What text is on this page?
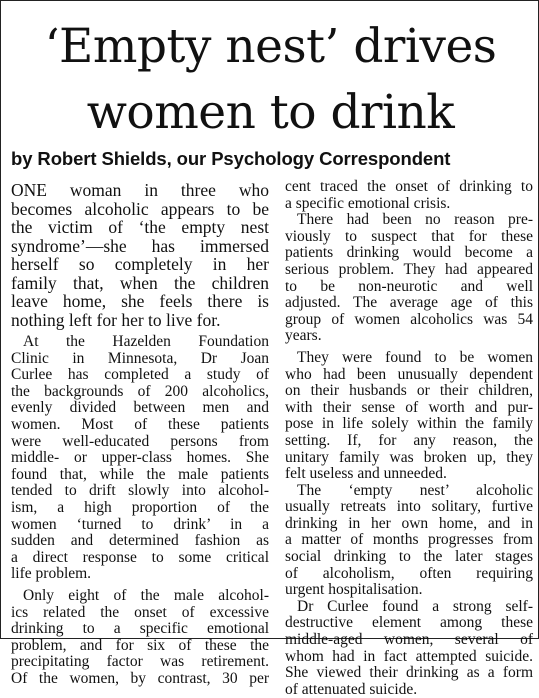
‘Empty nest’ drives
women to drink
by Robert Shields, our Psychology Correspondent

ONE woman in three who

becomes alcoholic appears to be

the victim of ‘the empty nest

syndrome’—she has immersed

herself so completely in her

family that, when the children

leave home, she feels there is

nothing left for her to live for.

At the Hazelden Foundation

Clinic in Minnesota, Dr Joan

Curlee has completed a study of

the backgrounds of 200 alcoholics,

evenly divided between men and

women. Most of these patients

were well-educated persons from

middle- or upper-class homes. She

found that, while the male patients

tended to drift slowly into alcohol-

ism, a high proportion of the

women ‘turned to drink’ in a

sudden and determined fashion as

a direct response to some critical

life problem.

Only eight of the male alcohol-

ics related the onset of excessive

drinking to a specific emotional

problem, and for six of these the

precipitating factor was retirement.

Of the women, by contrast, 30 per

cent traced the onset of drinking to

a specific emotional crisis.

There had been no reason pre-

viously to suspect that for these

patients drinking would become a

serious problem. They had appeared

to be non-neurotic and well

adjusted. The average age of this

group of women alcoholics was 54

years.

They were found to be women

who had been unusually dependent

on their husbands or their children,

with their sense of worth and pur-

pose in life solely within the family

setting. If, for any reason, the

unitary family was broken up, they

felt useless and unneeded.

The ‘empty nest’ alcoholic

usually retreats into solitary, furtive

drinking in her own home, and in

a matter of months progresses from

social drinking to the later stages

of alcoholism, often requiring

urgent hospitalisation.

Dr Curlee found a strong self-

destructive element among these

middle-aged women, several of

whom had in fact attempted suicide.

She viewed their drinking as a form

of attenuated suicide.
